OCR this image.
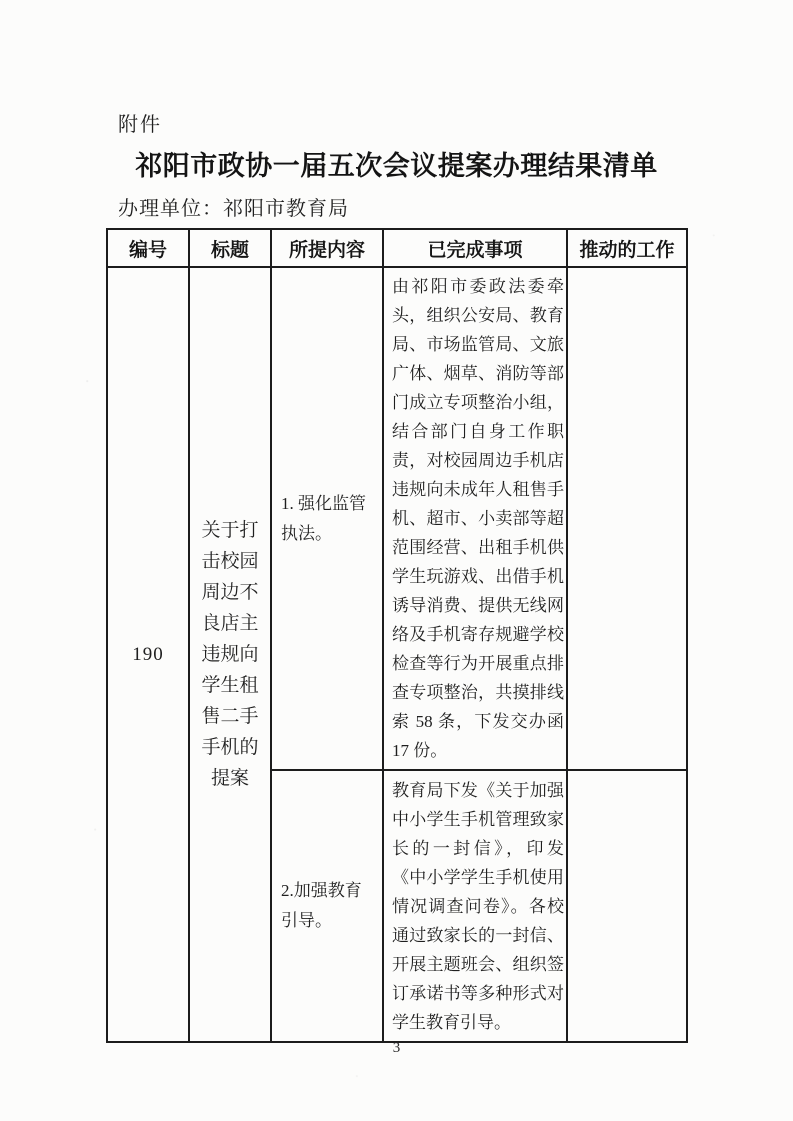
附件
祁阳市政协一届五次会议提案办理结果清单
办理单位：祁阳市教育局
编号	标题	所提内容	已完成事项	推动的工作
190	关于打击校园周边不良店主违规向学生租售二手手机的提案	1. 强化监管执法。	由祁阳市委政法委牵头，组织公安局、教育局、市场监管局、文旅广体、烟草、消防等部门成立专项整治小组，结合部门自身工作职责，对校园周边手机店违规向未成年人租售手机、超市、小卖部等超范围经营、出租手机供学生玩游戏、出借手机诱导消费、提供无线网络及手机寄存规避学校检查等行为开展重点排查专项整治，共摸排线索 58 条，下发交办函 17 份。	

		2.加强教育引导。	教育局下发《关于加强中小学生手机管理致家长的一封信》，印发《中小学学生手机使用情况调查问卷》。各校通过致家长的一封信、开展主题班会、组织签订承诺书等多种形式对学生教育引导。	

3
